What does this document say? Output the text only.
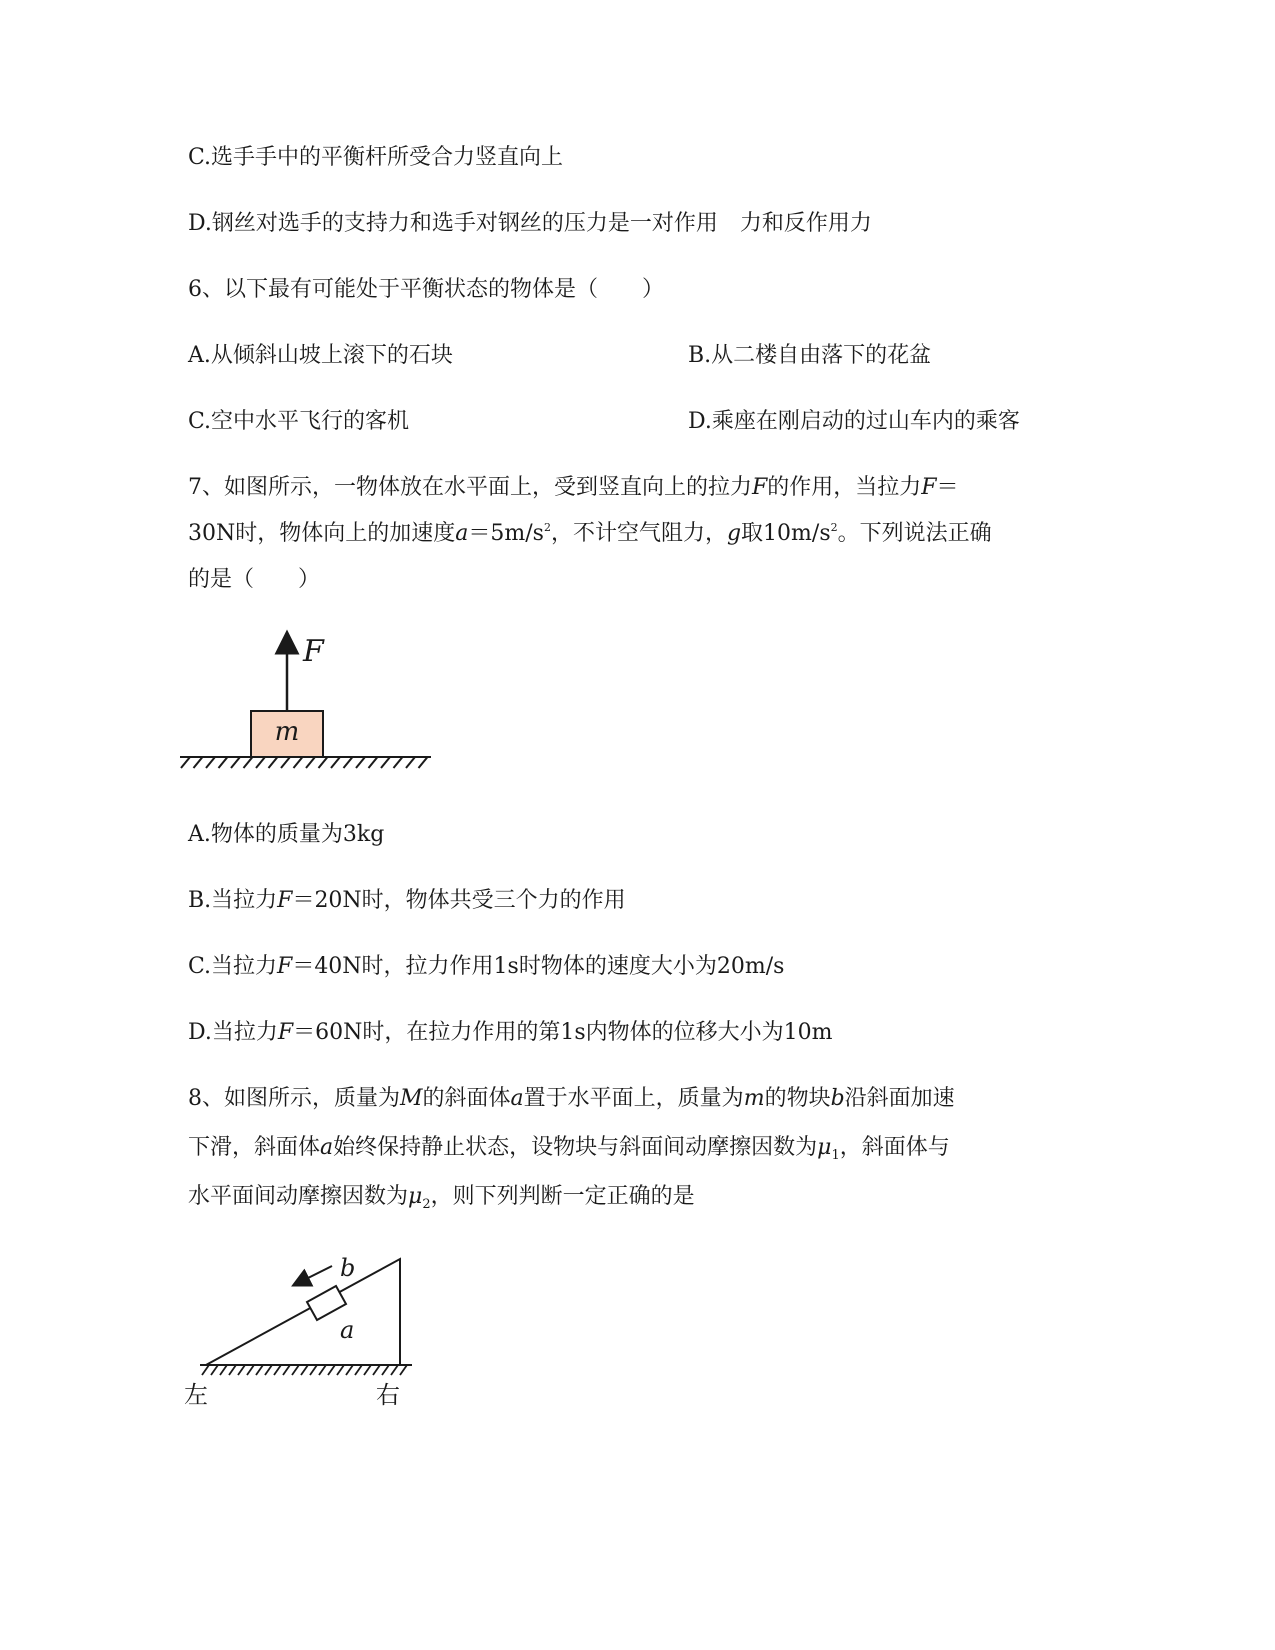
C.选手手中的平衡杆所受合力竖直向上
D.钢丝对选手的支持力和选手对钢丝的压力是一对作用　力和反作用力
6、以下最有可能处于平衡状态的物体是（　　）
A.从倾斜山坡上滚下的石块	B.从二楼自由落下的花盆
C.空中水平飞行的客机	D.乘座在刚启动的过山车内的乘客
7、如图所示，一物体放在水平面上，受到竖直向上的拉力F的作用，当拉力F＝
30N时，物体向上的加速度$a=5m/s^2$，不计空气阻力，g取$10m/s^2$。下列说法正确
的是（　　）
F
m
A.物体的质量为3kg
B.当拉力F＝20N时，物体共受三个力的作用
C.当拉力F＝40N时，拉力作用1s时物体的速度大小为20m/s
D.当拉力F＝60N时，在拉力作用的第1s内物体的位移大小为10m
8、如图所示，质量为M的斜面体a置于水平面上，质量为m的物块b沿斜面加速
下滑，斜面体a始终保持静止状态，设物块与斜面间动摩擦因数为$\mu_1$，斜面体与
水平面间动摩擦因数为$\mu_2$，则下列判断一定正确的是
b
a
左	右
